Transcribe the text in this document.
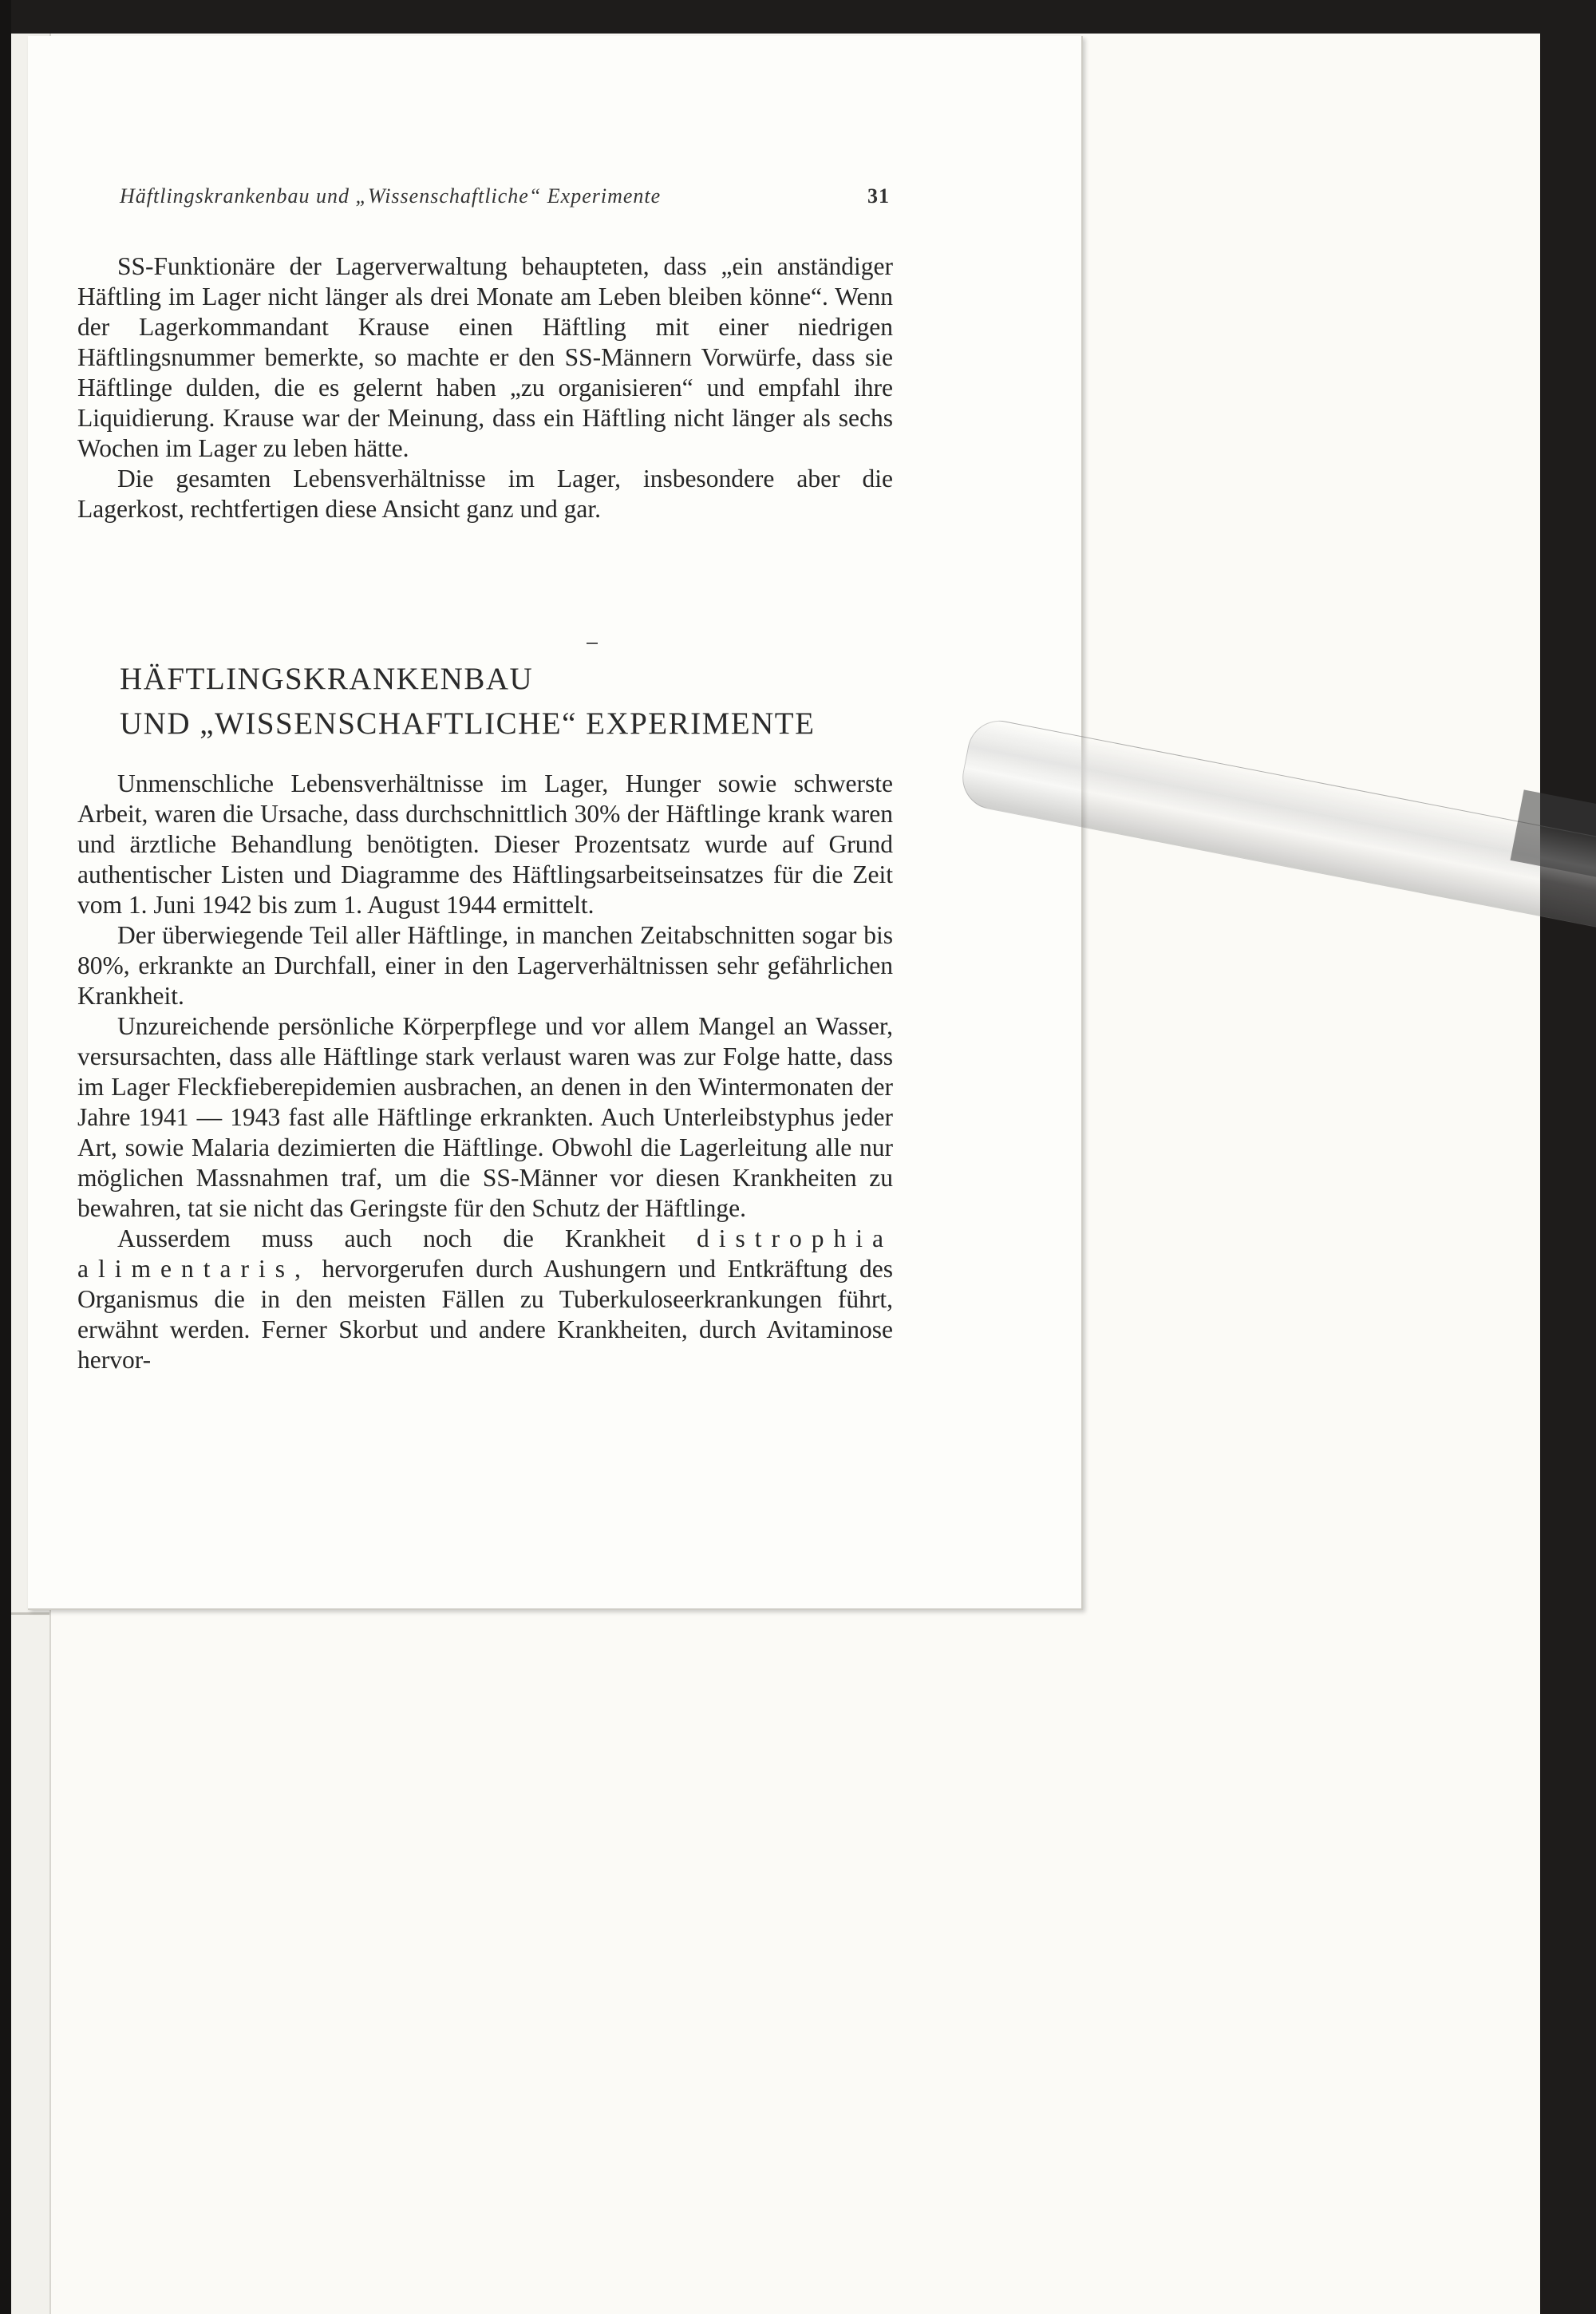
Häftlingskrankenbau und „Wissenschaftliche“ Experimente	31

SS-Funktionäre der Lagerverwaltung behaupteten, dass „ein anständiger Häftling im Lager nicht länger als drei Monate am Leben bleiben könne“. Wenn der Lagerkommandant Krause einen Häftling mit einer niedrigen Häftlingsnummer bemerkte, so machte er den SS-Männern Vorwürfe, dass sie Häftlinge dulden, die es gelernt haben „zu organisieren“ und empfahl ihre Liquidierung. Krause war der Meinung, dass ein Häftling nicht länger als sechs Wochen im Lager zu leben hätte.

Die gesamten Lebensverhältnisse im Lager, insbesondere aber die Lagerkost, rechtfertigen diese Ansicht ganz und gar.

HÄFTLINGSKRANKENBAU
UND „WISSENSCHAFTLICHE“ EXPERIMENTE

Unmenschliche Lebensverhältnisse im Lager, Hunger sowie schwerste Arbeit, waren die Ursache, dass durchschnittlich 30% der Häftlinge krank waren und ärztliche Behandlung benötigten. Dieser Prozentsatz wurde auf Grund authentischer Listen und Diagramme des Häftlingsarbeitseinsatzes für die Zeit vom 1. Juni 1942 bis zum 1. August 1944 ermittelt.

Der überwiegende Teil aller Häftlinge, in manchen Zeitabschnitten sogar bis 80%, erkrankte an Durchfall, einer in den Lagerverhältnissen sehr gefährlichen Krankheit.

Unzureichende persönliche Körperpflege und vor allem Mangel an Wasser, versursachten, dass alle Häftlinge stark verlaust waren was zur Folge hatte, dass im Lager Fleckfieberepidemien ausbrachen, an denen in den Wintermonaten der Jahre 1941 — 1943 fast alle Häftlinge erkrankten. Auch Unterleibstyphus jeder Art, sowie Malaria dezimierten die Häftlinge. Obwohl die Lagerleitung alle nur möglichen Massnahmen traf, um die SS-Männer vor diesen Krankheiten zu bewahren, tat sie nicht das Geringste für den Schutz der Häftlinge.

Ausserdem muss auch noch die Krankheit distrophia alimentaris, hervorgerufen durch Aushungern und Entkräftung des Organismus die in den meisten Fällen zu Tuberkuloseerkrankungen führt, erwähnt werden. Ferner Skorbut und andere Krankheiten, durch Avitaminose hervor-
